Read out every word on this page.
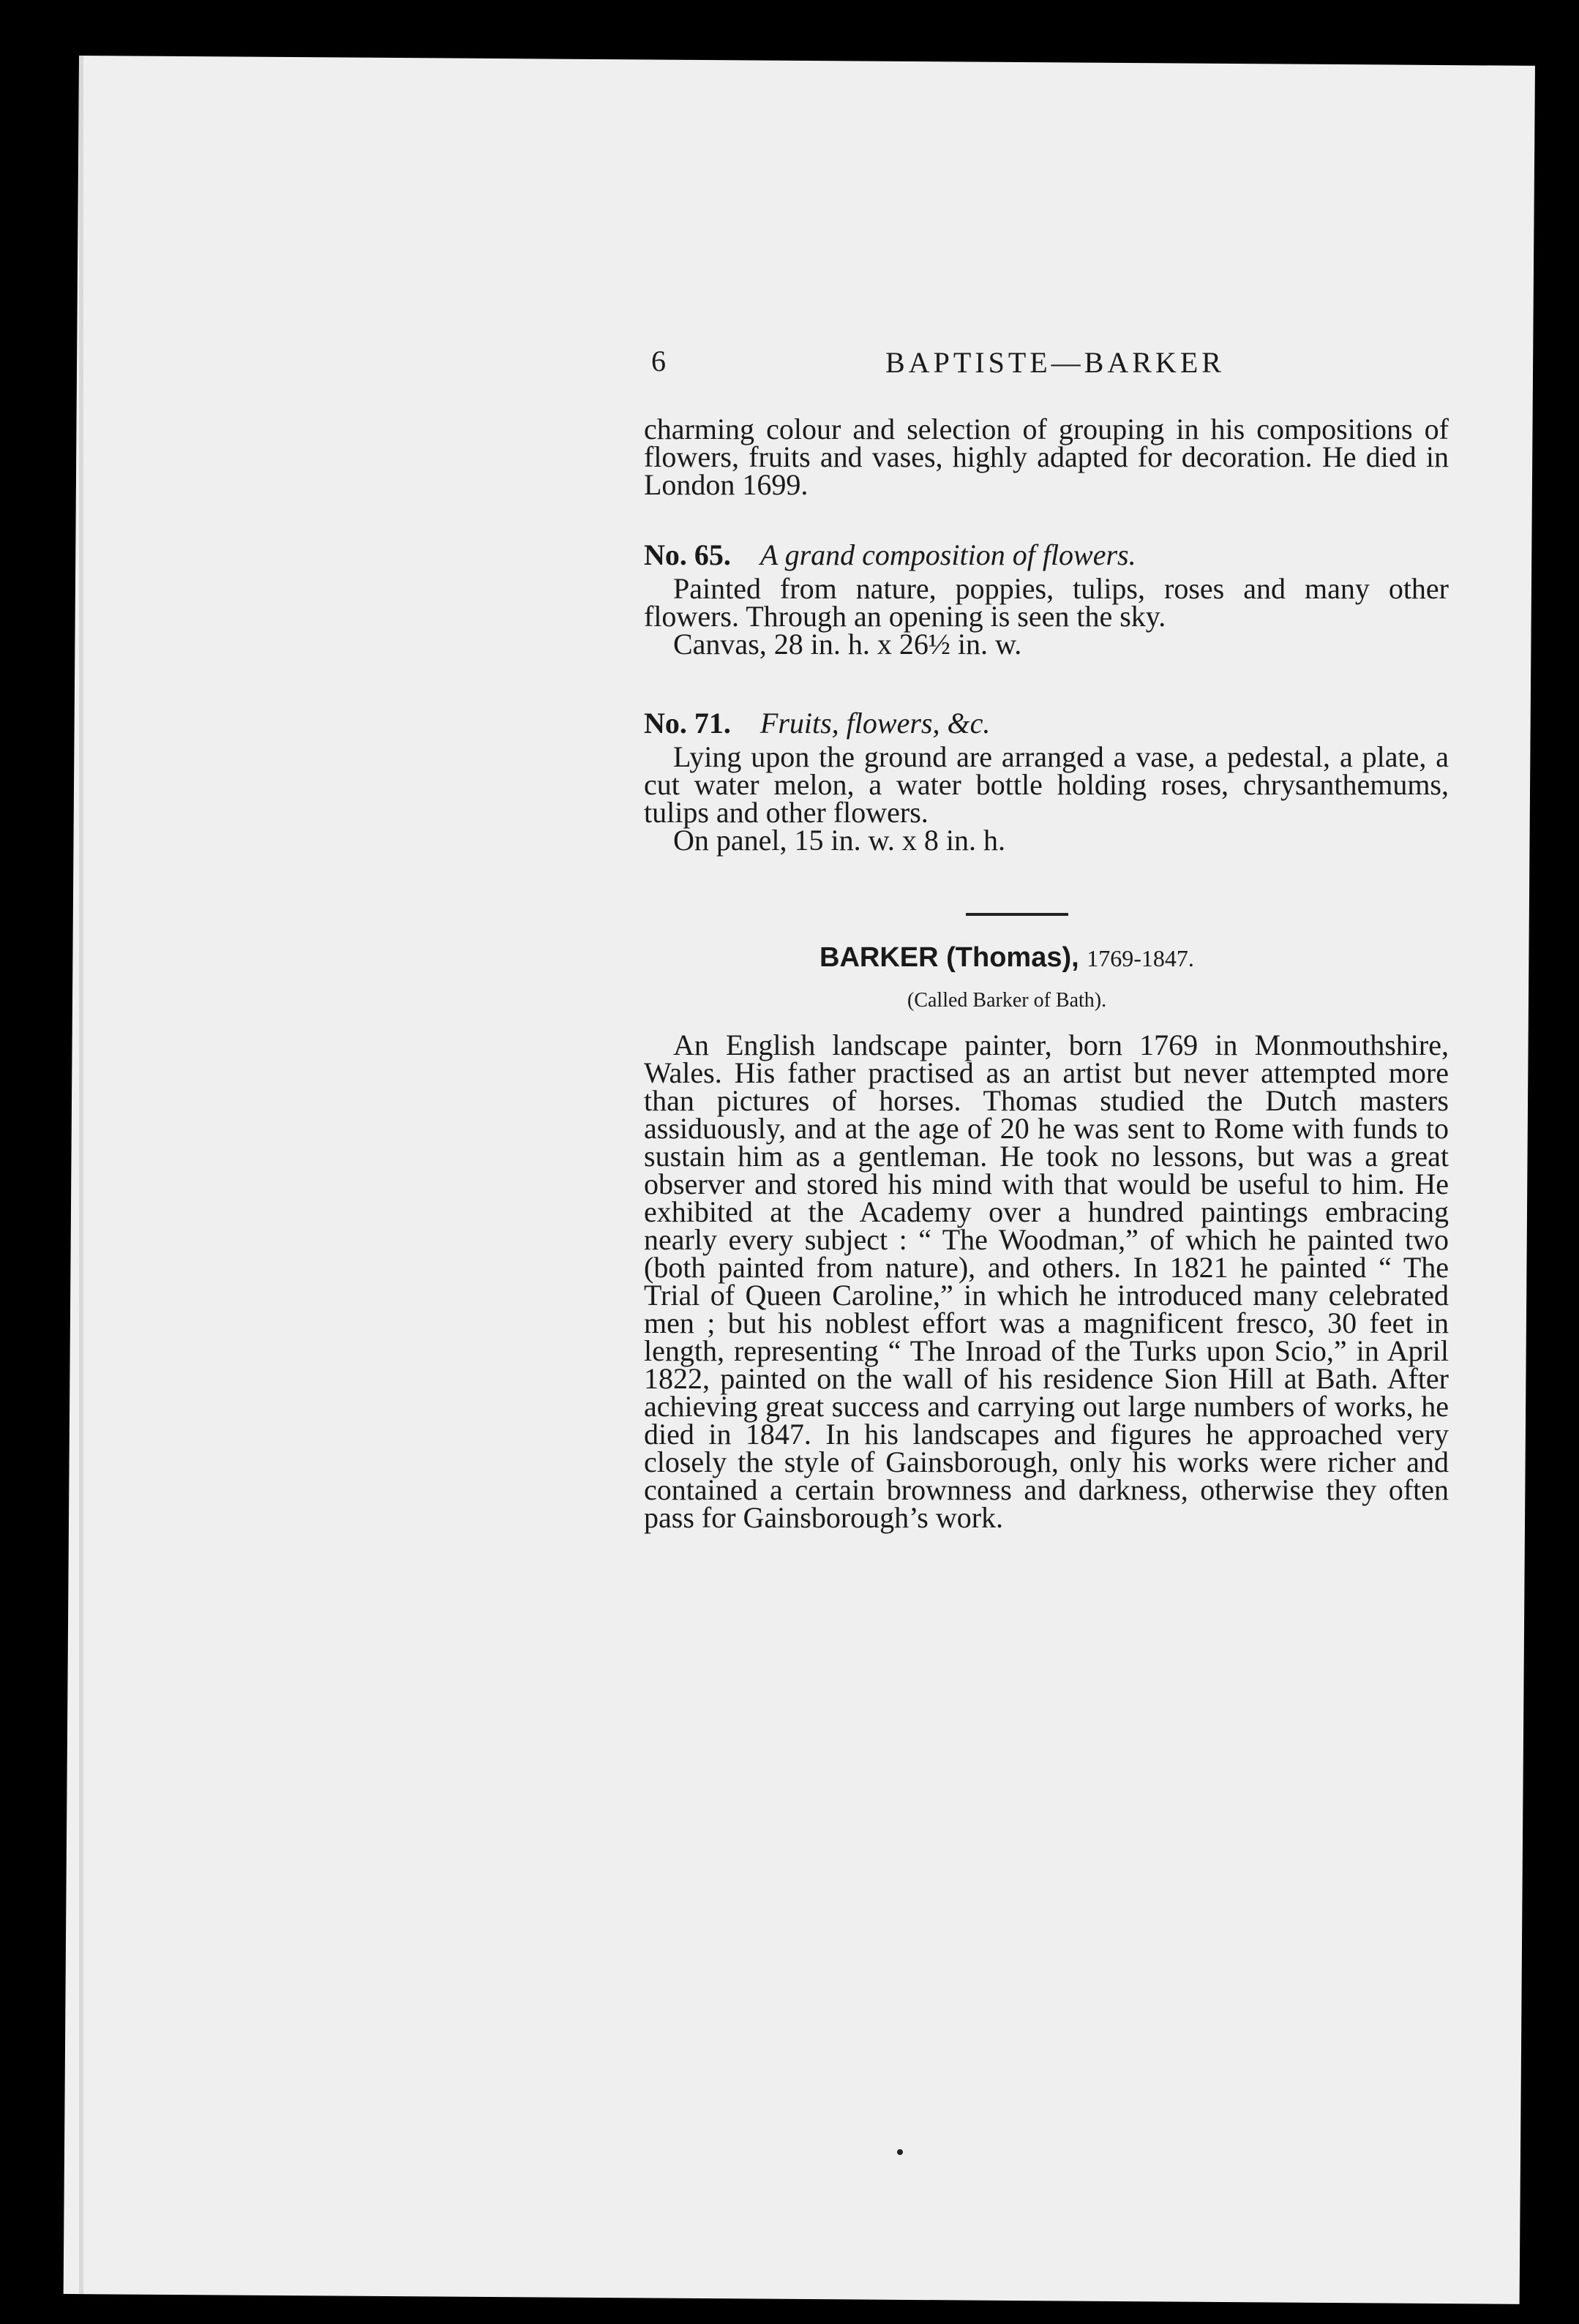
6	BAPTISTE—BARKER

charming colour and selection of grouping in his compositions of flowers, fruits and vases, highly adapted for decoration. He died in London 1699.

No. 65. A grand composition of flowers.

Painted from nature, poppies, tulips, roses and many other flowers. Through an opening is seen the sky.

Canvas, 28 in. h. x 26½ in. w.

No. 71. Fruits, flowers, &c.

Lying upon the ground are arranged a vase, a pedestal, a plate, a cut water melon, a water bottle holding roses, chrysanthemums, tulips and other flowers.

On panel, 15 in. w. x 8 in. h.

BARKER (Thomas), 1769-1847.
(Called Barker of Bath).

An English landscape painter, born 1769 in Monmouthshire, Wales. His father practised as an artist but never attempted more than pictures of horses. Thomas studied the Dutch masters assiduously, and at the age of 20 he was sent to Rome with funds to sustain him as a gentleman. He took no lessons, but was a great observer and stored his mind with that would be useful to him. He exhibited at the Academy over a hundred paintings embracing nearly every subject : “ The Woodman,” of which he painted two (both painted from nature), and others. In 1821 he painted “ The Trial of Queen Caroline,” in which he introduced many celebrated men ; but his noblest effort was a magnificent fresco, 30 feet in length, representing “ The Inroad of the Turks upon Scio,” in April 1822, painted on the wall of his residence Sion Hill at Bath. After achieving great success and carrying out large numbers of works, he died in 1847. In his landscapes and figures he approached very closely the style of Gainsborough, only his works were richer and contained a certain brownness and darkness, otherwise they often pass for Gainsborough’s work.
